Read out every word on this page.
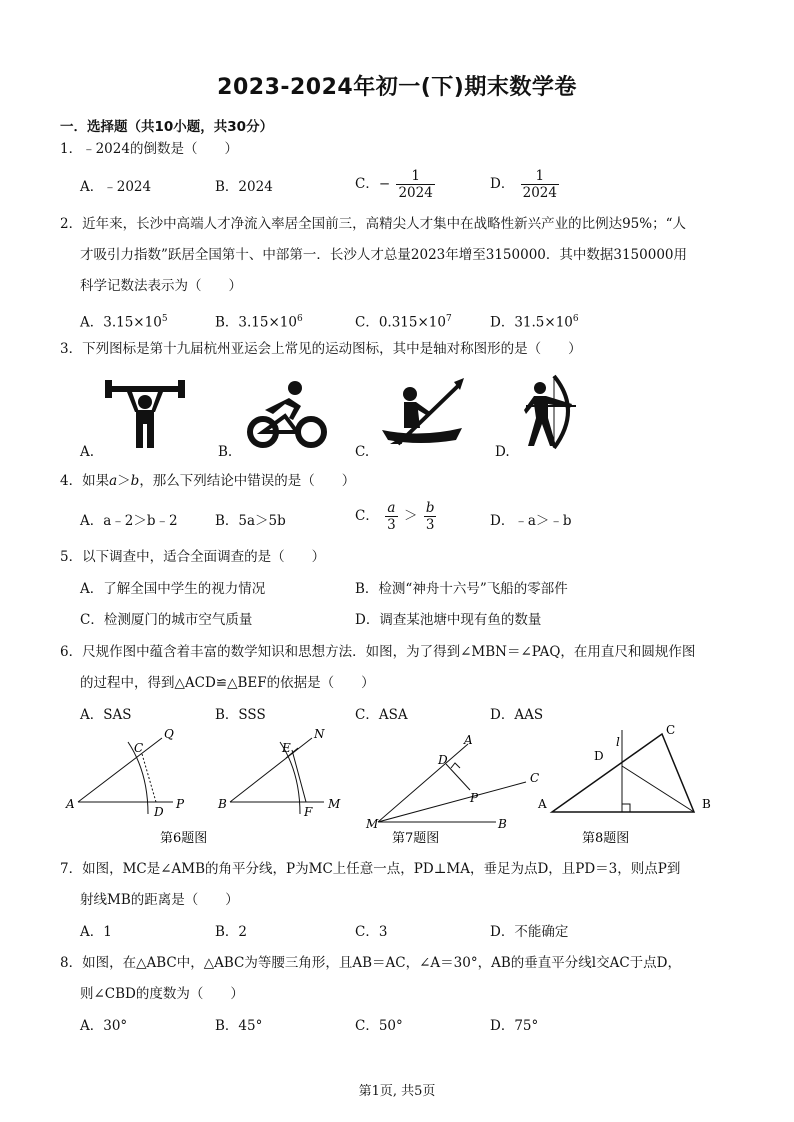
2023-2024年初一(下)期末数学卷
一．选择题（共10小题，共30分）
1．﹣2024的倒数是（　　）
A．﹣2024	B．2024	C．− $\frac{1}{2024}$	D． $\frac{1}{2024}$
2．近年来，长沙中高端人才净流入率居全国前三，高精尖人才集中在战略性新兴产业的比例达95%；“人
才吸引力指数”跃居全国第十、中部第一．长沙人才总量2023年增至3150000．其中数据3150000用
科学记数法表示为（　　）
A．$3.15\times 10^5$	B．$3.15\times 10^6$	C．$0.315\times 10^7$	D．$31.5\times 10^6$
3．下列图标是第十九届杭州亚运会上常见的运动图标，其中是轴对称图形的是（　　）
A.	B.	C.	D.
4．如果a＞b，那么下列结论中错误的是（　　）
A．a﹣2＞b﹣2	B．5a＞5b	C． $\frac{a}{3} > \frac{b}{3}$	D．﹣a＞﹣b
5．以下调查中，适合全面调查的是（　　）
A．了解全国中学生的视力情况	B．检测“神舟十六号”飞船的零部件
C．检测厦门的城市空气质量	D．调查某池塘中现有鱼的数量
6．尺规作图中蕴含着丰富的数学知识和思想方法．如图，为了得到∠MBN＝∠PAQ，在用直尺和圆规作图
的过程中，得到△ACD≌△BEF的依据是（　　）
A．SAS	B．SSS	C．ASA	D．AAS
A
C
Q
D
P	B
E
N
F
M
第6题图
A
D
C
P
M	B
第7题图
C
l
D
A	B
第8题图
7．如图，MC是∠AMB的角平分线，P为MC上任意一点，PD⊥MA，垂足为点D，且PD＝3，则点P到
射线MB的距离是（　　）
A．1	B．2	C．3	D．不能确定
8．如图，在△ABC中，△ABC为等腰三角形，且AB＝AC，∠A＝30°，AB的垂直平分线l交AC于点D，
则∠CBD的度数为（　　）
A．30°	B．45°	C．50°	D．75°
第1页, 共5页
